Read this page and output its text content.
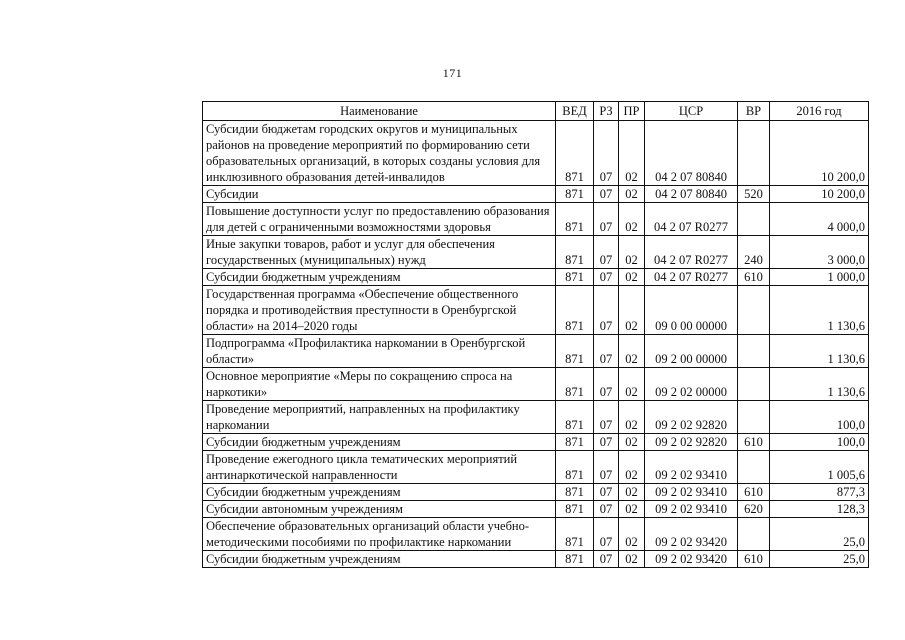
171
Наименование	ВЕД	РЗ	ПР	ЦСР	ВР	2016 год
Субсидии бюджетам городских округов и муниципальных районов на проведение мероприятий по формированию сети образовательных организаций, в которых созданы условия для инклюзивного образования детей-инвалидов	871	07	02	04 2 07 80840		10 200,0
Субсидии	871	07	02	04 2 07 80840	520	10 200,0
Повышение доступности услуг по предоставлению образования для детей с ограниченными возможностями здоровья	871	07	02	04 2 07 R0277		4 000,0
Иные закупки товаров, работ и услуг для обеспечения государственных (муниципальных) нужд	871	07	02	04 2 07 R0277	240	3 000,0
Субсидии бюджетным учреждениям	871	07	02	04 2 07 R0277	610	1 000,0
Государственная программа «Обеспечение общественного порядка и противодействия преступности в Оренбургской области» на 2014–2020 годы	871	07	02	09 0 00 00000		1 130,6
Подпрограмма «Профилактика наркомании в Оренбургской области»	871	07	02	09 2 00 00000		1 130,6
Основное мероприятие «Меры по сокращению спроса на наркотики»	871	07	02	09 2 02 00000		1 130,6
Проведение мероприятий, направленных на профилактику наркомании	871	07	02	09 2 02 92820		100,0
Субсидии бюджетным учреждениям	871	07	02	09 2 02 92820	610	100,0
Проведение ежегодного цикла тематических мероприятий антинаркотической направленности	871	07	02	09 2 02 93410		1 005,6
Субсидии бюджетным учреждениям	871	07	02	09 2 02 93410	610	877,3
Субсидии автономным учреждениям	871	07	02	09 2 02 93410	620	128,3
Обеспечение образовательных организаций области учебно-методическими пособиями по профилактике наркомании	871	07	02	09 2 02 93420		25,0
Субсидии бюджетным учреждениям	871	07	02	09 2 02 93420	610	25,0
